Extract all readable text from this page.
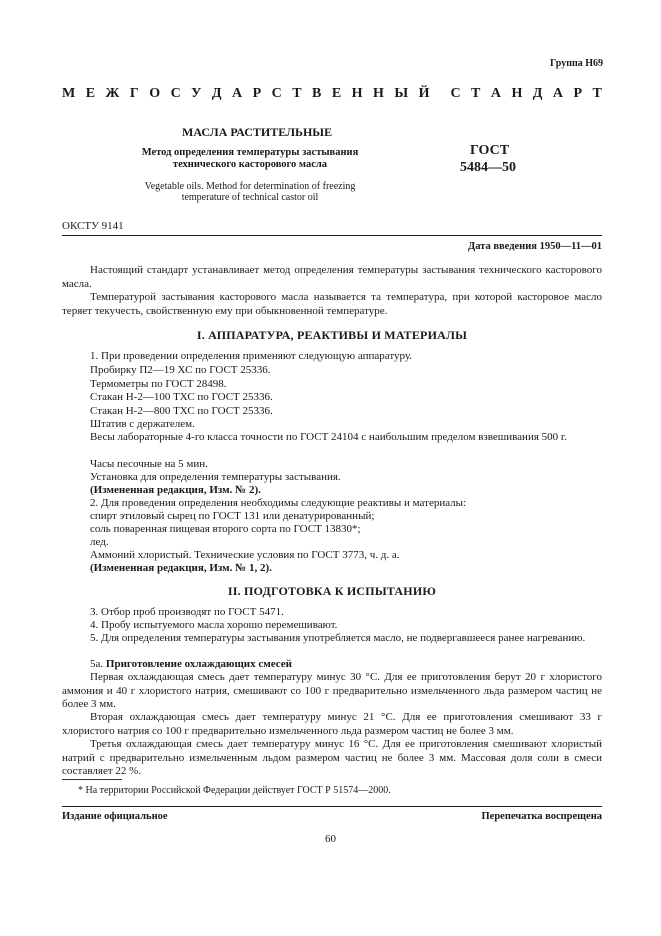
Группа Н69
М Е Ж Г О С У Д А Р С Т В Е Н Н Ы Й С Т А Н Д А Р Т
МАСЛА РАСТИТЕЛЬНЫЕ
Метод определения температуры застывания
технического касторового масла
Vegetable oils. Method for determination of freezing
temperature of technical castor oil
ГОСТ
5484—50
ОКСТУ 9141
Дата введения 1950—11—01
Настоящий стандарт устанавливает метод определения температуры застывания технического касторового масла.
Температурой застывания касторового масла называется та температура, при которой касторовое масло теряет текучесть, свойственную ему при обыкновенной температуре.
I. АППАРАТУРА, РЕАКТИВЫ И МАТЕРИАЛЫ
1. При проведении определения применяют следующую аппаратуру.
Пробирку П2—19 ХС по ГОСТ 25336.
Термометры по ГОСТ 28498.
Стакан Н-2—100 ТХС по ГОСТ 25336.
Стакан Н-2—800 ТХС по ГОСТ 25336.
Штатив с держателем.
Весы лабораторные 4-го класса точности по ГОСТ 24104 с наибольшим пределом взвешивания 500 г.
Часы песочные на 5 мин.
Установка для определения температуры застывания.
(Измененная редакция, Изм. № 2).
2. Для проведения определения необходимы следующие реактивы и материалы:
спирт этиловый сырец по ГОСТ 131 или денатурированный;
соль поваренная пищевая второго сорта по ГОСТ 13830*;
лед.
Аммоний хлористый. Технические условия по ГОСТ 3773, ч. д. а.
(Измененная редакция, Изм. № 1, 2).
II. ПОДГОТОВКА К ИСПЫТАНИЮ
3. Отбор проб производят по ГОСТ 5471.
4. Пробу испытуемого масла хорошо перемешивают.
5. Для определения температуры застывания употребляется масло, не подвергавшееся ранее нагреванию.
5а. Приготовление охлаждающих смесей
Первая охлаждающая смесь дает температуру минус 30 °С. Для ее приготовления берут 20 г хлористого аммония и 40 г хлористого натрия, смешивают со 100 г предварительно измельченного льда размером частиц не более 3 мм.
Вторая охлаждающая смесь дает температуру минус 21 °С. Для ее приготовления смешивают 33 г хлористого натрия со 100 г предварительно измельченного льда размером частиц не более 3 мм.
Третья охлаждающая смесь дает температуру минус 16 °С. Для ее приготовления смешивают хлористый натрий с предварительно измельченным льдом размером частиц не более 3 мм. Массовая доля соли в смеси составляет 22 %.
* На территории Российской Федерации действует ГОСТ Р 51574—2000.
Издание официальное	Перепечатка воспрещена
60
